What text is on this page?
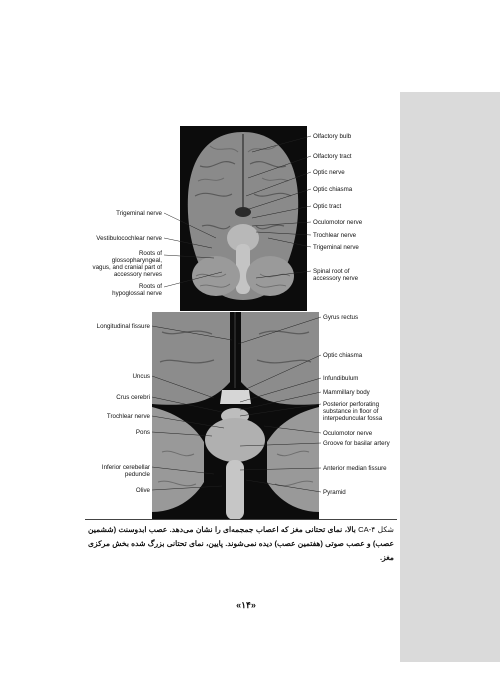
Olfactory bulb
Olfactory tract
Optic nerve
Optic chiasma
Optic tract
Oculomotor nerve
Trochlear nerve
Trigeminal nerve
Spinal root of accessory nerve
Trigeminal nerve
Vestibulocochlear nerve
Roots of glossopharyngeal, vagus, and cranial part of accessory nerves
Roots of hypoglossal nerve
Gyrus rectus
Optic chiasma
Infundibulum
Mammillary body
Posterior perforating substance in floor of interpeduncular fossa
Oculomotor nerve
Groove for basilar artery
Anterior median fissure
Pyramid
Longitudinal fissure
Uncus
Crus cerebri
Trochlear nerve
Pons
Inferior cerebellar peduncle
Olive
شکل ۴-CA بالا، نمای تحتانی مغز که اعصاب جمجمه‌ای را نشان می‌دهد. عصب ابدوسنت (ششمین عصب) و عصب صوتی (هفتمین عصب) دیده نمی‌شوند. پایین، نمای تحتانی بزرگ شده بخش مرکزی مغز.
«۱۴»
